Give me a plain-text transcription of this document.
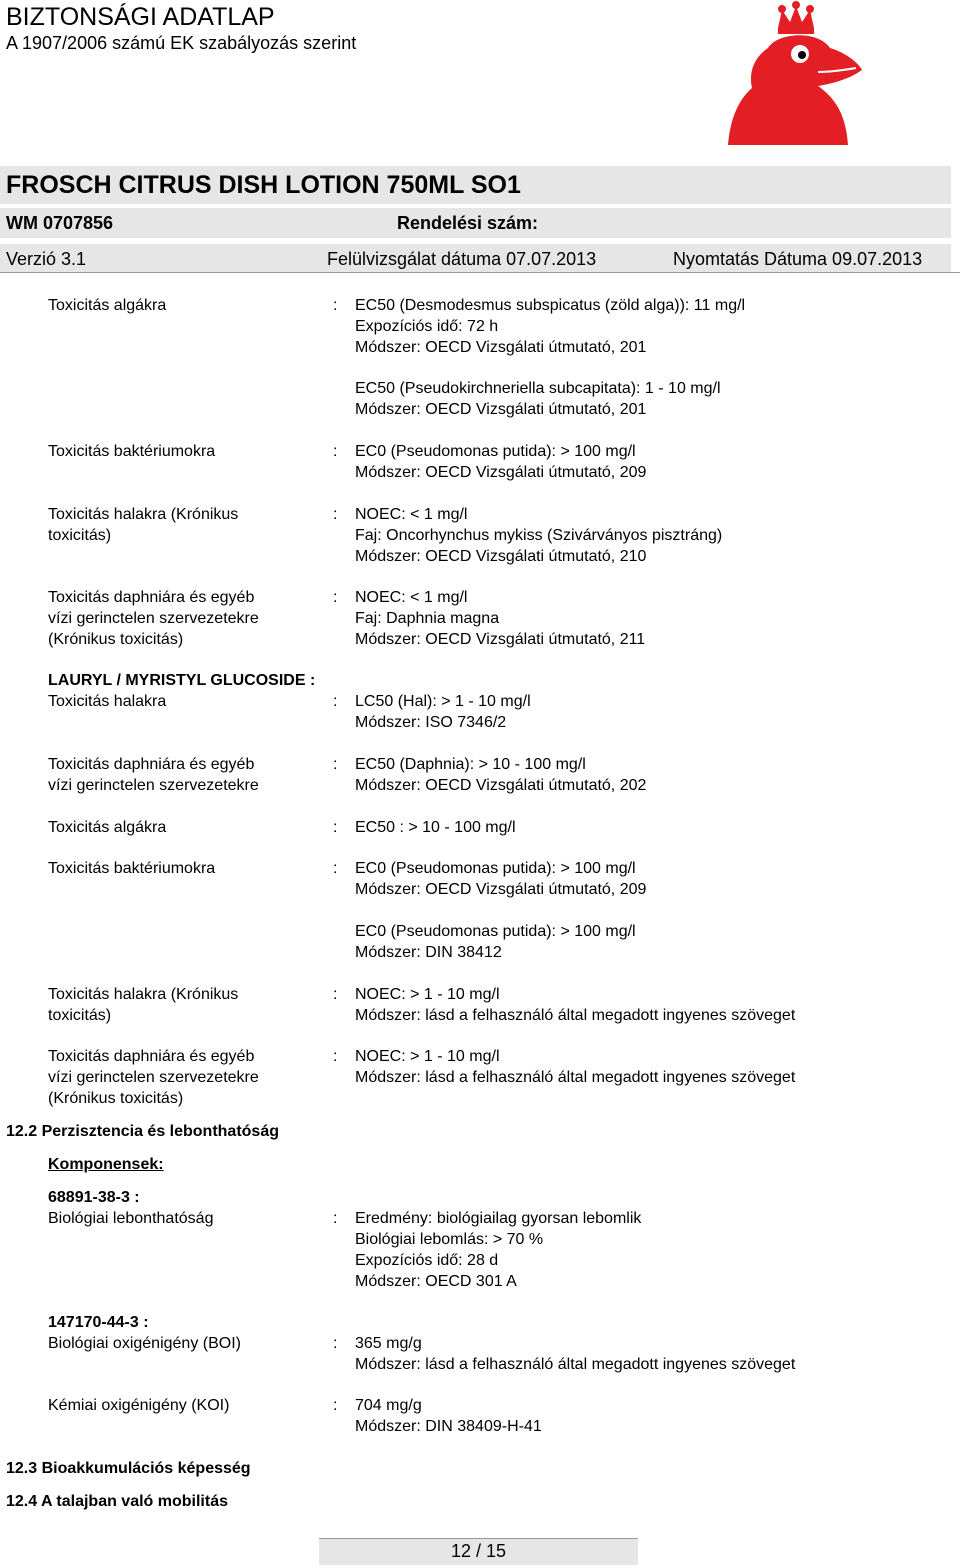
BIZTONSÁGI ADATLAP
A 1907/2006 számú EK szabályozás szerint
FROSCH CITRUS DISH LOTION 750ML SO1
WM 0707856	Rendelési szám:
Verzió 3.1	Felülvizsgálat dátuma 07.07.2013	Nyomtatás Dátuma 09.07.2013
Toxicitás algákra	: EC50 (Desmodesmus subspicatus (zöld alga)): 11 mg/l
Expozíciós idő: 72 h
Módszer: OECD Vizsgálati útmutató, 201
EC50 (Pseudokirchneriella subcapitata): 1 - 10 mg/l
Módszer: OECD Vizsgálati útmutató, 201
Toxicitás baktériumokra	: EC0 (Pseudomonas putida): > 100 mg/l
Módszer: OECD Vizsgálati útmutató, 209
Toxicitás halakra (Krónikus
toxicitás)
: NOEC: < 1 mg/l
Faj: Oncorhynchus mykiss (Szivárványos pisztráng)
Módszer: OECD Vizsgálati útmutató, 210
Toxicitás daphniára és egyéb
vízi gerinctelen szervezetekre
(Krónikus toxicitás)
: NOEC: < 1 mg/l
Faj: Daphnia magna
Módszer: OECD Vizsgálati útmutató, 211
LAURYL / MYRISTYL GLUCOSIDE :
Toxicitás halakra	: LC50 (Hal): > 1 - 10 mg/l
Módszer: ISO 7346/2
Toxicitás daphniára és egyéb
vízi gerinctelen szervezetekre
: EC50 (Daphnia): > 10 - 100 mg/l
Módszer: OECD Vizsgálati útmutató, 202
Toxicitás algákra	: EC50 : > 10 - 100 mg/l
Toxicitás baktériumokra	: EC0 (Pseudomonas putida): > 100 mg/l
Módszer: OECD Vizsgálati útmutató, 209
EC0 (Pseudomonas putida): > 100 mg/l
Módszer: DIN 38412
Toxicitás halakra (Krónikus
toxicitás)
: NOEC: > 1 - 10 mg/l
Módszer: lásd a felhasználó által megadott ingyenes szöveget
Toxicitás daphniára és egyéb
vízi gerinctelen szervezetekre
(Krónikus toxicitás)
: NOEC: > 1 - 10 mg/l
Módszer: lásd a felhasználó által megadott ingyenes szöveget
12.2 Perzisztencia és lebonthatóság
Komponensek:
68891-38-3 :
Biológiai lebonthatóság	: Eredmény: biológiailag gyorsan lebomlik
Biológiai lebomlás: > 70 %
Expozíciós idő: 28 d
Módszer: OECD 301 A
147170-44-3 :
Biológiai oxigénigény (BOI)	: 365 mg/g
Módszer: lásd a felhasználó által megadott ingyenes szöveget
Kémiai oxigénigény (KOI)	: 704 mg/g
Módszer: DIN 38409-H-41
12.3 Bioakkumulációs képesség
12.4 A talajban való mobilitás
12 / 15
